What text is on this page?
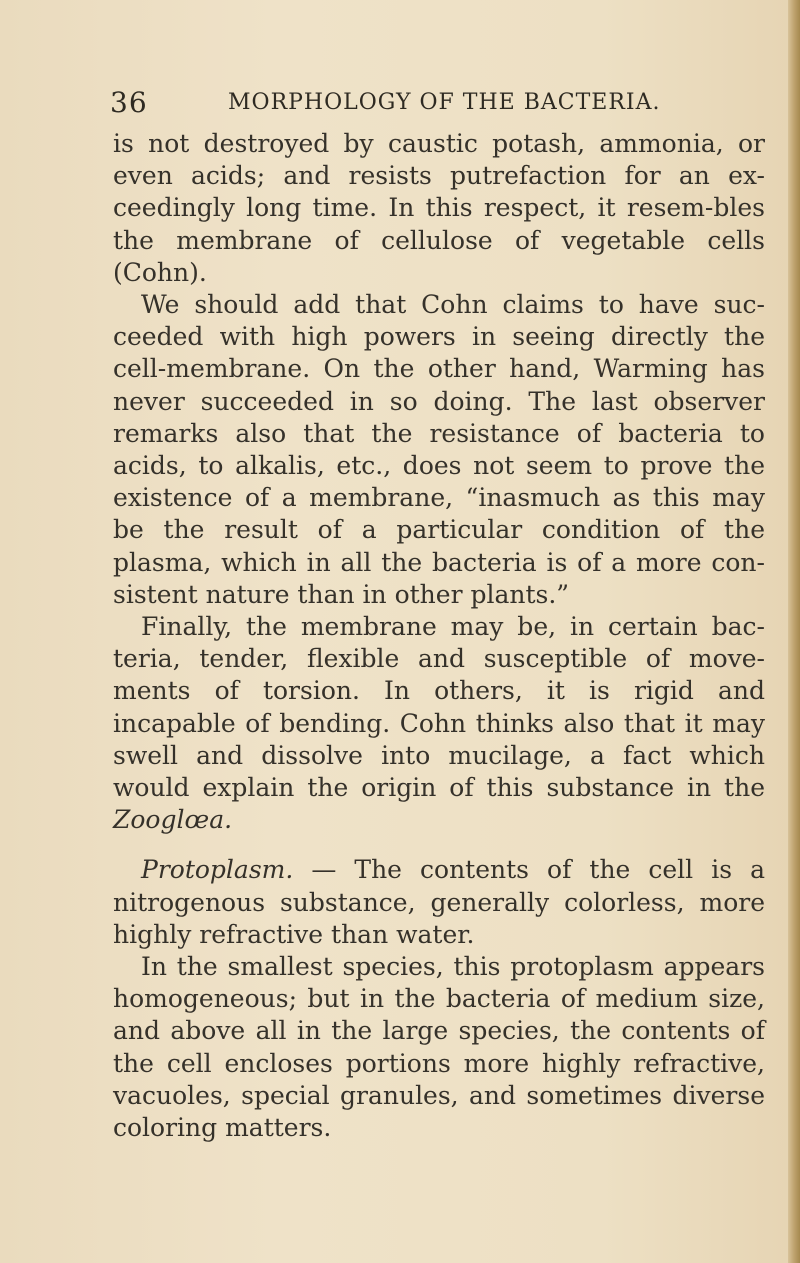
36	MORPHOLOGY OF THE BACTERIA.

is not destroyed by caustic potash, ammonia, or even acids; and resists putrefaction for an ex-ceedingly long time. In this respect, it resem-bles the membrane of cellulose of vegetable cells (Cohn).

We should add that Cohn claims to have suc-ceeded with high powers in seeing directly the cell-membrane. On the other hand, Warming has never succeeded in so doing. The last observer remarks also that the resistance of bacteria to acids, to alkalis, etc., does not seem to prove the existence of a membrane, “inasmuch as this may be the result of a particular condition of the plasma, which in all the bacteria is of a more con-sistent nature than in other plants.”

Finally, the membrane may be, in certain bac-teria, tender, flexible and susceptible of move-ments of torsion. In others, it is rigid and incapable of bending. Cohn thinks also that it may swell and dissolve into mucilage, a fact which would explain the origin of this substance in the Zooglœa.

Protoplasm. — The contents of the cell is a nitrogenous substance, generally colorless, more highly refractive than water.

In the smallest species, this protoplasm appears homogeneous; but in the bacteria of medium size, and above all in the large species, the contents of the cell encloses portions more highly refractive, vacuoles, special granules, and sometimes diverse coloring matters.
